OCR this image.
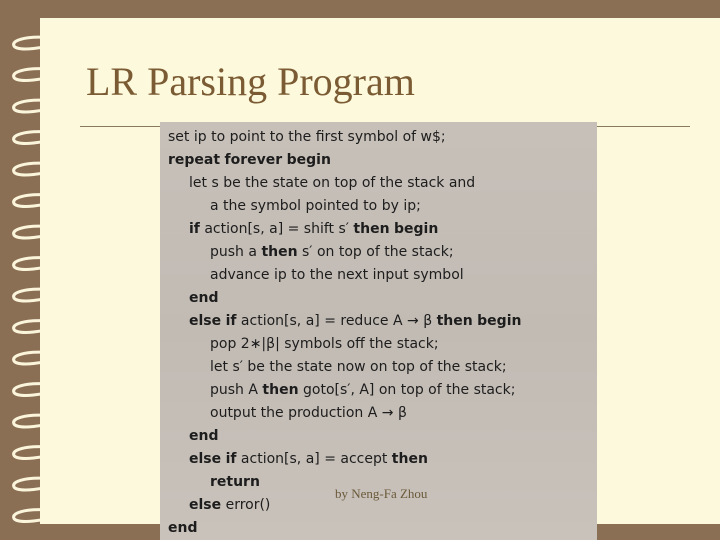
LR Parsing Program
set ip to point to the first symbol of w$;
repeat forever begin
let s be the state on top of the stack and
a the symbol pointed to by ip;
if action[s, a] = shift s′ then begin
push a then s′ on top of the stack;
advance ip to the next input symbol
end
else if action[s, a] = reduce A → β then begin
pop 2∗|β| symbols off the stack;
let s′ be the state now on top of the stack;
push A then goto[s′, A] on top of the stack;
output the production A → β
end
else if action[s, a] = accept then
return
else error()
end
by Neng-Fa Zhou
